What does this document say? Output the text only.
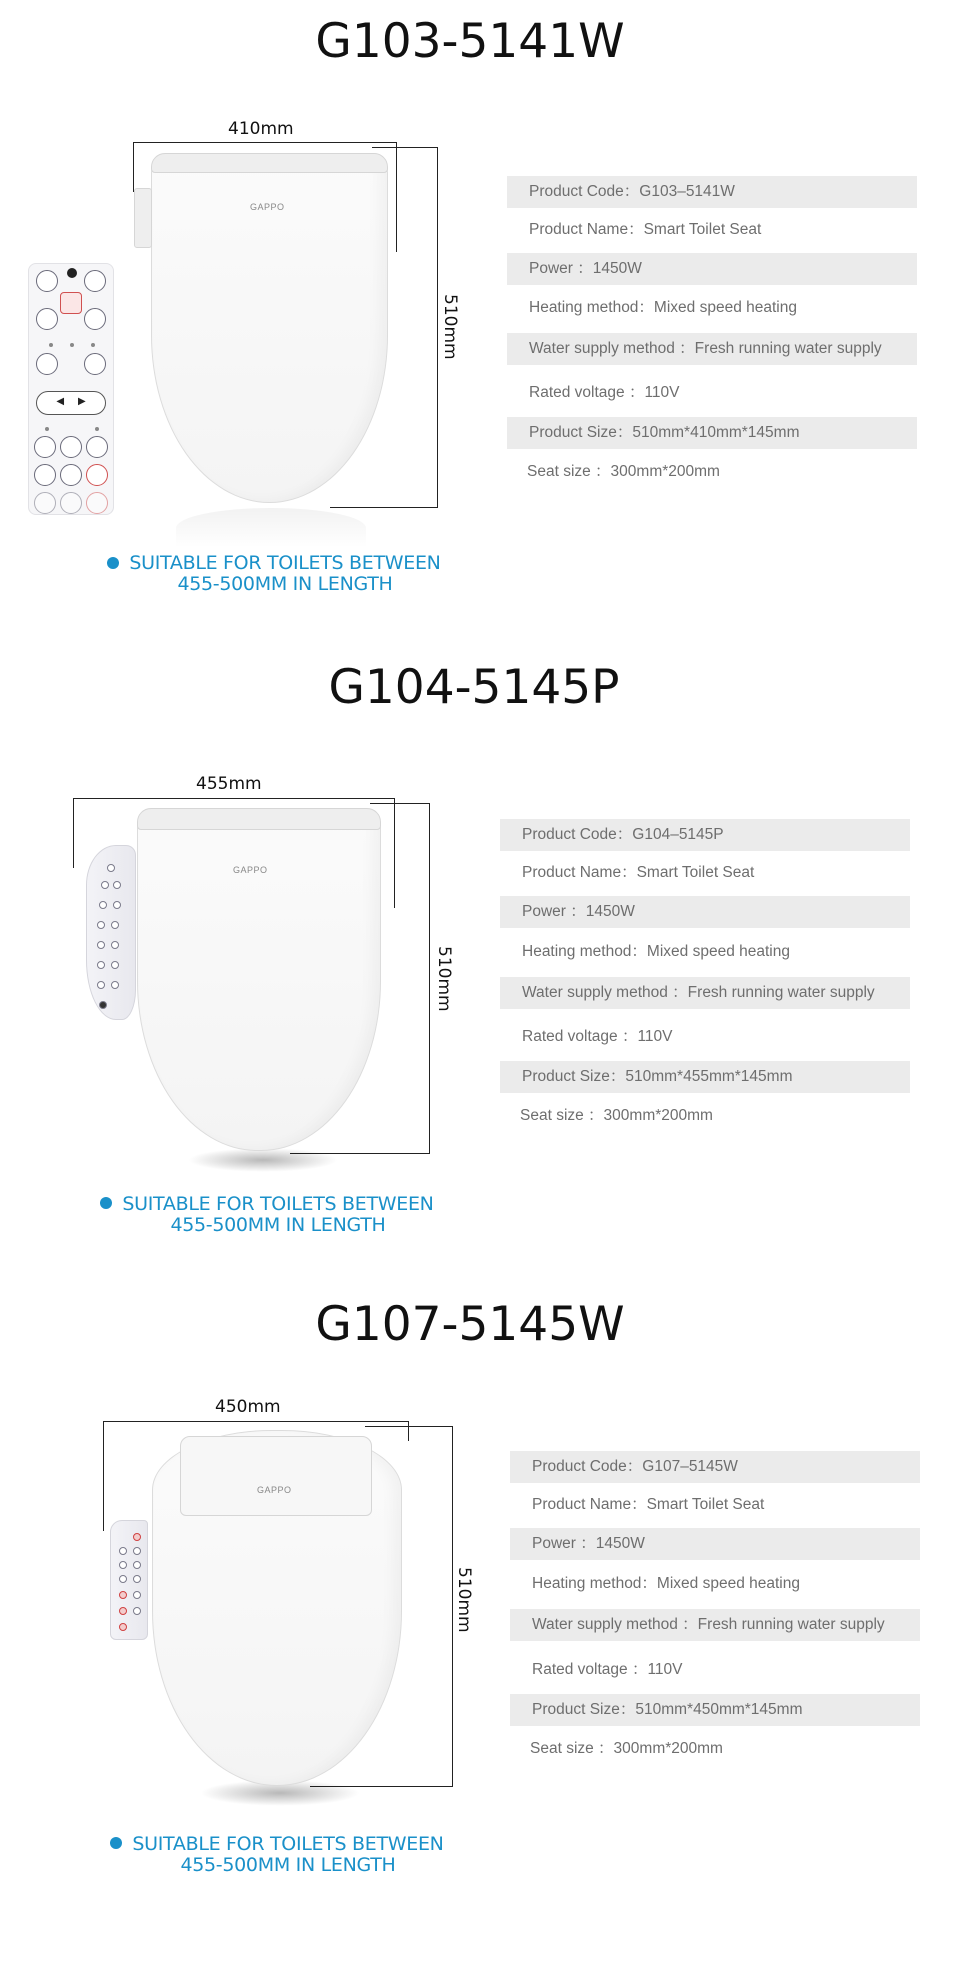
G103-5141W
410mm
510mm
GAPPO
◀     ▶
Product Code：G103–5141W
Product Name：Smart Toilet Seat
Power ：1450W
Heating method：Mixed speed heating
Water supply method ：Fresh running water supply
Rated voltage ：110V
Product Size：510mm*410mm*145mm
Seat size ：300mm*200mm
SUITABLE FOR TOILETS BETWEEN
455-500MM IN LENGTH
G104-5145P
455mm
510mm
GAPPO
Product Code：G104–5145P
Product Name：Smart Toilet Seat
Power ：1450W
Heating method：Mixed speed heating
Water supply method ：Fresh running water supply
Rated voltage ：110V
Product Size：510mm*455mm*145mm
Seat size ：300mm*200mm
SUITABLE FOR TOILETS BETWEEN
455-500MM IN LENGTH
G107-5145W
450mm
510mm
GAPPO
Product Code：G107–5145W
Product Name：Smart Toilet Seat
Power ：1450W
Heating method：Mixed speed heating
Water supply method ：Fresh running water supply
Rated voltage ：110V
Product Size：510mm*450mm*145mm
Seat size ：300mm*200mm
SUITABLE FOR TOILETS BETWEEN
455-500MM IN LENGTH
